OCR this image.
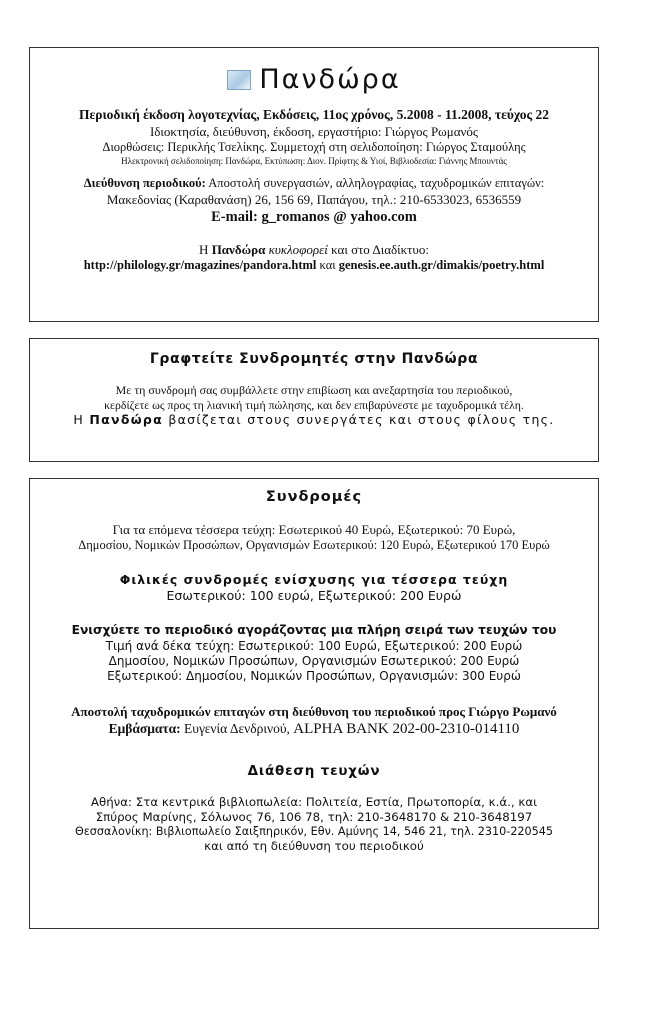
Πανδώρα
Περιοδική έκδοση λογοτεχνίας, Εκδόσεις, 11ος χρόνος, 5.2008 - 11.2008, τεύχος 22
Ιδιοκτησία, διεύθυνση, έκδοση, εργαστήριο: Γιώργος Ρωμανός
Διορθώσεις: Περικλής Τσελίκης. Συμμετοχή στη σελιδοποίηση: Γιώργος Σταμούλης
Ηλεκτρονική σελιδοποίηση: Πανδώρα, Εκτύπωση: Διον. Πρίφτης & Υιοί, Βιβλιοδεσία: Γιάννης Μπουντάς
Διεύθυνση περιοδικού: Αποστολή συνεργασιών, αλληλογραφίας, ταχυδρομικών επιταγών:
Μακεδονίας (Καραθανάση) 26, 156 69, Παπάγου, τηλ.: 210-6533023, 6536559
E-mail: g_romanos @ yahoo.com
Η Πανδώρα κυκλοφορεί και στο Διαδίκτυο:
http://philology.gr/magazines/pandora.html και genesis.ee.auth.gr/dimakis/poetry.html
Γραφτείτε Συνδρομητές στην Πανδώρα
Με τη συνδρομή σας συμβάλλετε στην επιβίωση και ανεξαρτησία του περιοδικού,
κερδίζετε ως προς τη λιανική τιμή πώλησης, και δεν επιβαρύνεστε με ταχυδρομικά τέλη.
Η Πανδώρα βασίζεται στους συνεργάτες και στους φίλους της.
Συνδρομές
Για τα επόμενα τέσσερα τεύχη: Εσωτερικού 40 Ευρώ, Εξωτερικού: 70 Ευρώ,
Δημοσίου, Νομικών Προσώπων, Οργανισμών Εσωτερικού: 120 Ευρώ, Εξωτερικού 170 Ευρώ
Φιλικές συνδρομές ενίσχυσης για τέσσερα τεύχη
Εσωτερικού: 100 ευρώ, Εξωτερικού: 200 Ευρώ
Ενισχύετε το περιοδικό αγοράζοντας μια πλήρη σειρά των τευχών του
Τιμή ανά δέκα τεύχη: Εσωτερικού: 100 Ευρώ, Εξωτερικού: 200 Ευρώ
Δημοσίου, Νομικών Προσώπων, Οργανισμών Εσωτερικού: 200 Ευρώ
Εξωτερικού: Δημοσίου, Νομικών Προσώπων, Οργανισμών: 300 Ευρώ
Αποστολή ταχυδρομικών επιταγών στη διεύθυνση του περιοδικού προς Γιώργο Ρωμανό
Εμβάσματα: Ευγενία Δενδρινού, ALPHA BANK 202-00-2310-014110
Διάθεση τευχών
Αθήνα: Στα κεντρικά βιβλιοπωλεία: Πολιτεία, Εστία, Πρωτοπορία, κ.ά., και
Σπύρος Μαρίνης, Σόλωνος 76, 106 78, τηλ: 210-3648170 & 210-3648197
Θεσσαλονίκη: Βιβλιοπωλείο Σαιξπηρικόν, Εθν. Αμύνης 14, 546 21, τηλ. 2310-220545
και από τη διεύθυνση του περιοδικού
